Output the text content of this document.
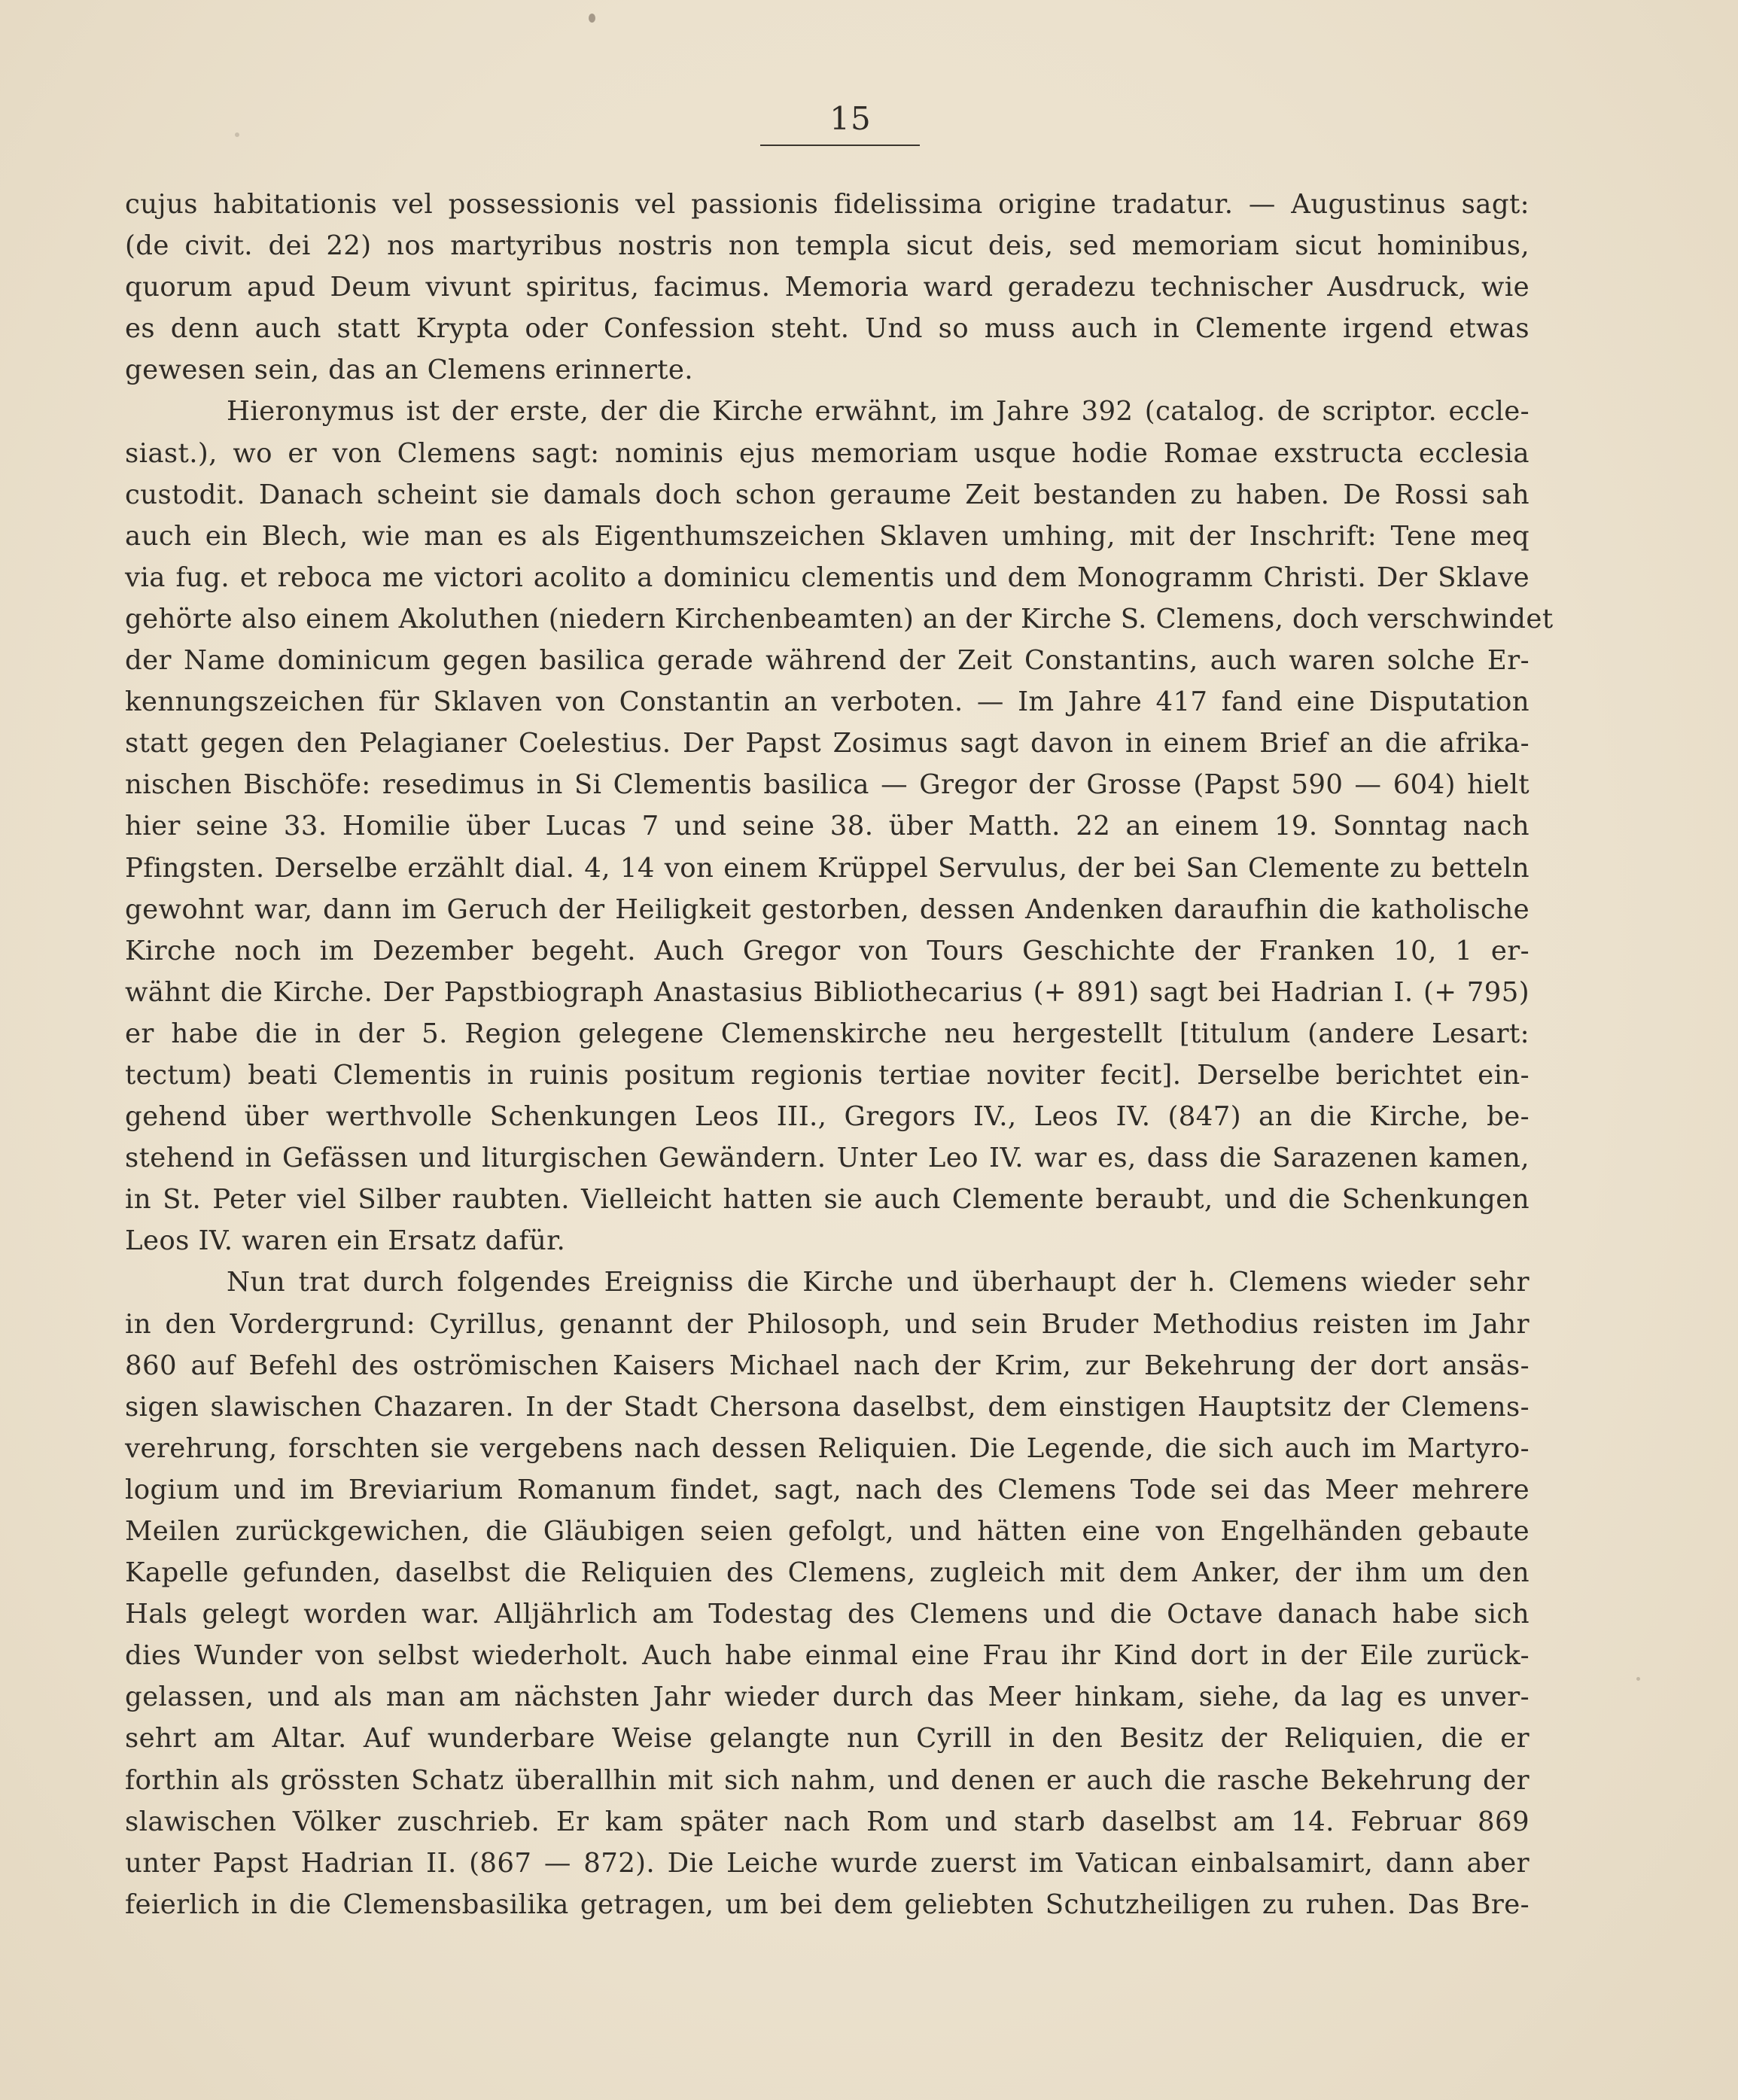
15
cujus habitationis vel possessionis vel passionis fidelissima origine tradatur. — Augustinus sagt:
(de civit. dei 22) nos martyribus nostris non templa sicut deis, sed memoriam sicut hominibus,
quorum apud Deum vivunt spiritus, facimus. Memoria ward geradezu technischer Ausdruck, wie
es denn auch statt Krypta oder Confession steht. Und so muss auch in Clemente irgend etwas
gewesen sein, das an Clemens erinnerte.
Hieronymus ist der erste, der die Kirche erwähnt, im Jahre 392 (catalog. de scriptor. eccle-
siast.), wo er von Clemens sagt: nominis ejus memoriam usque hodie Romae exstructa ecclesia
custodit. Danach scheint sie damals doch schon geraume Zeit bestanden zu haben. De Rossi sah
auch ein Blech, wie man es als Eigenthumszeichen Sklaven umhing, mit der Inschrift: Tene meq
via fug. et reboca me victori acolito a dominicu clementis und dem Monogramm Christi. Der Sklave
gehörte also einem Akoluthen (niedern Kirchenbeamten) an der Kirche S. Clemens, doch verschwindet
der Name dominicum gegen basilica gerade während der Zeit Constantins, auch waren solche Er-
kennungszeichen für Sklaven von Constantin an verboten. — Im Jahre 417 fand eine Disputation
statt gegen den Pelagianer Coelestius. Der Papst Zosimus sagt davon in einem Brief an die afrika-
nischen Bischöfe: resedimus in Si Clementis basilica — Gregor der Grosse (Papst 590 — 604) hielt
hier seine 33. Homilie über Lucas 7 und seine 38. über Matth. 22 an einem 19. Sonntag nach
Pfingsten. Derselbe erzählt dial. 4, 14 von einem Krüppel Servulus, der bei San Clemente zu betteln
gewohnt war, dann im Geruch der Heiligkeit gestorben, dessen Andenken daraufhin die katholische
Kirche noch im Dezember begeht. Auch Gregor von Tours Geschichte der Franken 10, 1 er-
wähnt die Kirche. Der Papstbiograph Anastasius Bibliothecarius (+ 891) sagt bei Hadrian I. (+ 795)
er habe die in der 5. Region gelegene Clemenskirche neu hergestellt [titulum (andere Lesart:
tectum) beati Clementis in ruinis positum regionis tertiae noviter fecit]. Derselbe berichtet ein-
gehend über werthvolle Schenkungen Leos III., Gregors IV., Leos IV. (847) an die Kirche, be-
stehend in Gefässen und liturgischen Gewändern. Unter Leo IV. war es, dass die Sarazenen kamen,
in St. Peter viel Silber raubten. Vielleicht hatten sie auch Clemente beraubt, und die Schenkungen
Leos IV. waren ein Ersatz dafür.
Nun trat durch folgendes Ereigniss die Kirche und überhaupt der h. Clemens wieder sehr
in den Vordergrund: Cyrillus, genannt der Philosoph, und sein Bruder Methodius reisten im Jahr
860 auf Befehl des oströmischen Kaisers Michael nach der Krim, zur Bekehrung der dort ansäs-
sigen slawischen Chazaren. In der Stadt Chersona daselbst, dem einstigen Hauptsitz der Clemens-
verehrung, forschten sie vergebens nach dessen Reliquien. Die Legende, die sich auch im Martyro-
logium und im Breviarium Romanum findet, sagt, nach des Clemens Tode sei das Meer mehrere
Meilen zurückgewichen, die Gläubigen seien gefolgt, und hätten eine von Engelhänden gebaute
Kapelle gefunden, daselbst die Reliquien des Clemens, zugleich mit dem Anker, der ihm um den
Hals gelegt worden war. Alljährlich am Todestag des Clemens und die Octave danach habe sich
dies Wunder von selbst wiederholt. Auch habe einmal eine Frau ihr Kind dort in der Eile zurück-
gelassen, und als man am nächsten Jahr wieder durch das Meer hinkam, siehe, da lag es unver-
sehrt am Altar. Auf wunderbare Weise gelangte nun Cyrill in den Besitz der Reliquien, die er
forthin als grössten Schatz überallhin mit sich nahm, und denen er auch die rasche Bekehrung der
slawischen Völker zuschrieb. Er kam später nach Rom und starb daselbst am 14. Februar 869
unter Papst Hadrian II. (867 — 872). Die Leiche wurde zuerst im Vatican einbalsamirt, dann aber
feierlich in die Clemensbasilika getragen, um bei dem geliebten Schutzheiligen zu ruhen. Das Bre-
